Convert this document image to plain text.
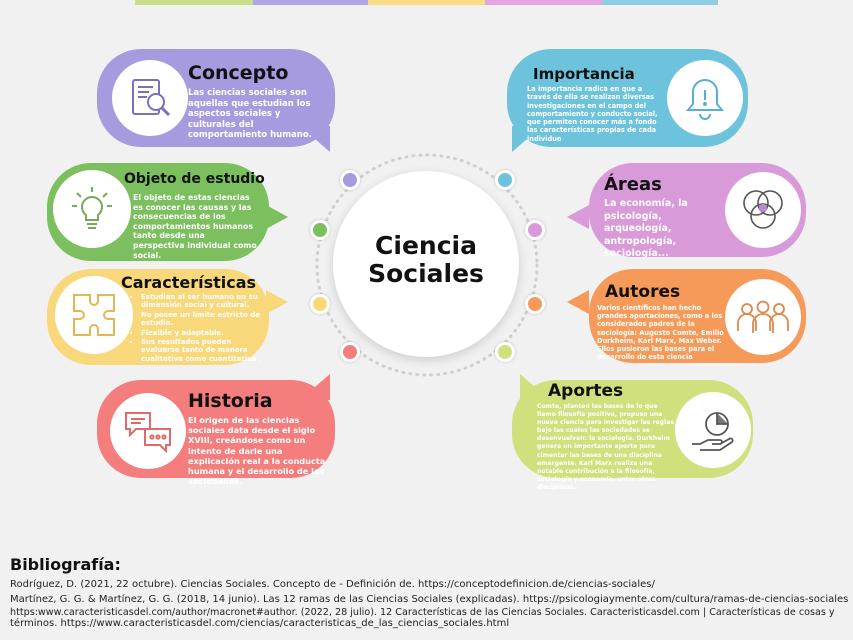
Ciencia
Sociales
Concepto
Las ciencias sociales son aquellas que estudian los aspectos sociales y culturales del comportamiento humano.
Objeto de estudio
El objeto de estas ciencias es conocer las causas y las consecuencias de los comportamientos humanos tanto desde una perspectiva individual como social.
Características
• Estudian al ser humano en su dimensión social y cultural.
• No posee un límite estricto de estudio.
• Flexible y adaptable.
• Sus resultados pueden evaluarse tanto de manera cualitativa como cuantitativa .
Historia
El origen de las ciencias sociales data desde el siglo XVIII, creándose como un intento de darle una explicación real a la conducta humana y el desarrollo de las sociedades.
Importancia
La importancia radica en que a través de ella se realizan diversas investigaciones en el campo del comportamiento y conducto social, que permiten conocer más a fondo las características propias de cada individuo
Áreas
La economía, la psicología, arqueología, antropología, sociología...
Autores
Varios científicos han hecho grandes aportaciones, como a los considerados padres de la sociología: Augusto Comte, Emilio Durkheim, Karl Marx, Max Weber. Ellos pusieron las bases para el desarrollo de esta ciencia
Aportes
Comte, planteó las bases de lo que llamo filosofía positiva, propuso una nueva ciencia para investigar las reglas bajo las cuales las sociedades se desenvuelven: la sociología. Durkheim genera un importante aporte para cimentar las bases de una disciplina emergente. Karl Marx realiza una notable contribución a la filosofía, sociología y economía, entre otras disciplinas.
Bibliografía:
Rodríguez, D. (2021, 22 octubre). Ciencias Sociales. Concepto de - Definición de. https://conceptodefinicion.de/ciencias-sociales/
Martínez, G. G. & Martínez, G. G. (2018, 14 junio). Las 12 ramas de las Ciencias Sociales (explicadas). https://psicologiaymente.com/cultura/ramas-de-ciencias-sociales
https:www.caracteristicasdel.com/author/macronet#author. (2022, 28 julio). 12 Características de las Ciencias Sociales. Caracteristicasdel.com | Características de cosas y
términos. https://www.caracteristicasdel.com/ciencias/caracteristicas_de_las_ciencias_sociales.html
